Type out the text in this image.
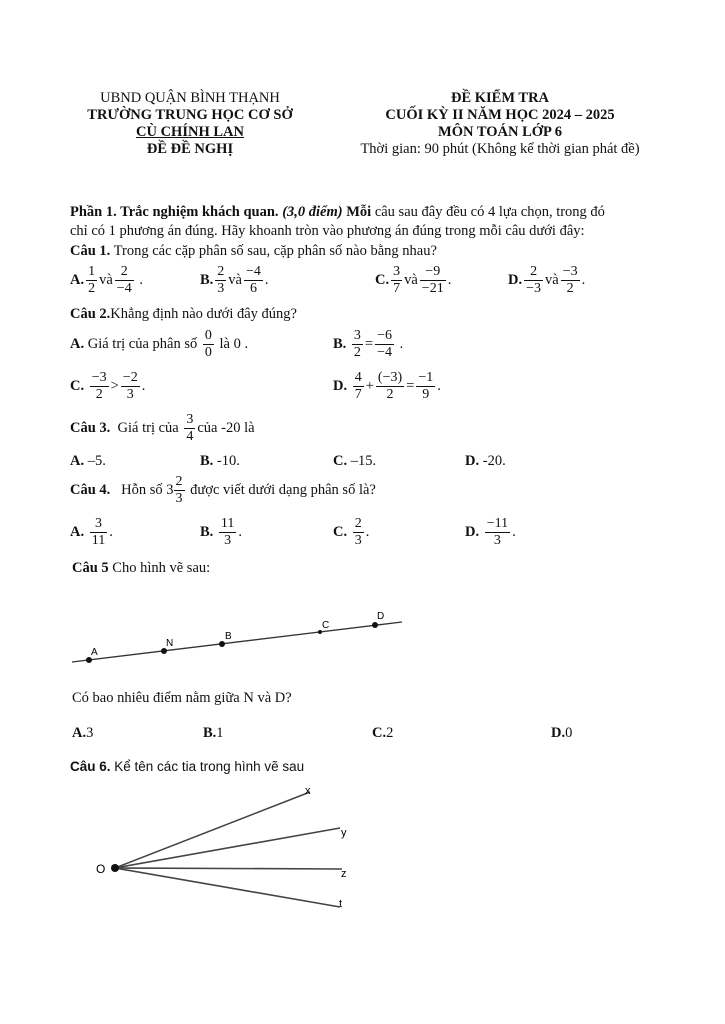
UBND QUẬN BÌNH THẠNH
TRƯỜNG TRUNG HỌC CƠ SỞ
CÙ CHÍNH LAN
ĐỀ ĐỀ NGHỊ
ĐỀ KIỂM TRA
CUỐI KỲ II NĂM HỌC 2024 – 2025
MÔN TOÁN LỚP 6
Thời gian: 90 phút (Không kể thời gian phát đề)
Phần 1. Trắc nghiệm khách quan. (3,0 điểm) Mỗi câu sau đây đều có 4 lựa chọn, trong đó
chỉ có 1 phương án đúng. Hãy khoanh tròn vào phương án đúng trong mỗi câu dưới đây:
Câu 1. Trong các cặp phân số sau, cặp phân số nào bằng nhau?
A. $\frac{1}{2}$ và $\frac{2}{-4}$ .	B. $\frac{2}{3}$ và $\frac{-4}{6}$ .	C. $\frac{3}{7}$ và $\frac{-9}{-21}$ .	D. $\frac{2}{-3}$ và $\frac{-3}{2}$ .
Câu 2.Khẳng định nào dưới đây đúng?
A.
Giá trị của phân số
$\frac{0}{0}$
là 0 .	B.
$\frac{3}{2} = \frac{-6}{-4}$ .
C.
$\frac{-3}{2} > \frac{-2}{3}$ .	D.
$\frac{4}{7} + \frac{(-3)}{2} = \frac{-1}{9}$ .
Câu 3.
Giá trị của
$\frac{3}{4}$ của -20 là
A. –5.	B. -10.	C. –15.	D. -20.
Câu 4.
Hỗn số
$3 \frac{2}{3}$
được viết dưới dạng phân số là?
A.
$\frac{3}{11}$ .	B.
$\frac{11}{3}$ .	C.
$\frac{2}{3}$ .	D.
$\frac{-11}{3}$ .
Câu 5 Cho hình vẽ sau:
A
N
B
C
D
Có bao nhiêu điểm nằm giữa N và D?
A.3	B.1	C.2	D.0
Câu 6. Kể tên các tia trong hình vẽ sau
O
x
y
z
t
